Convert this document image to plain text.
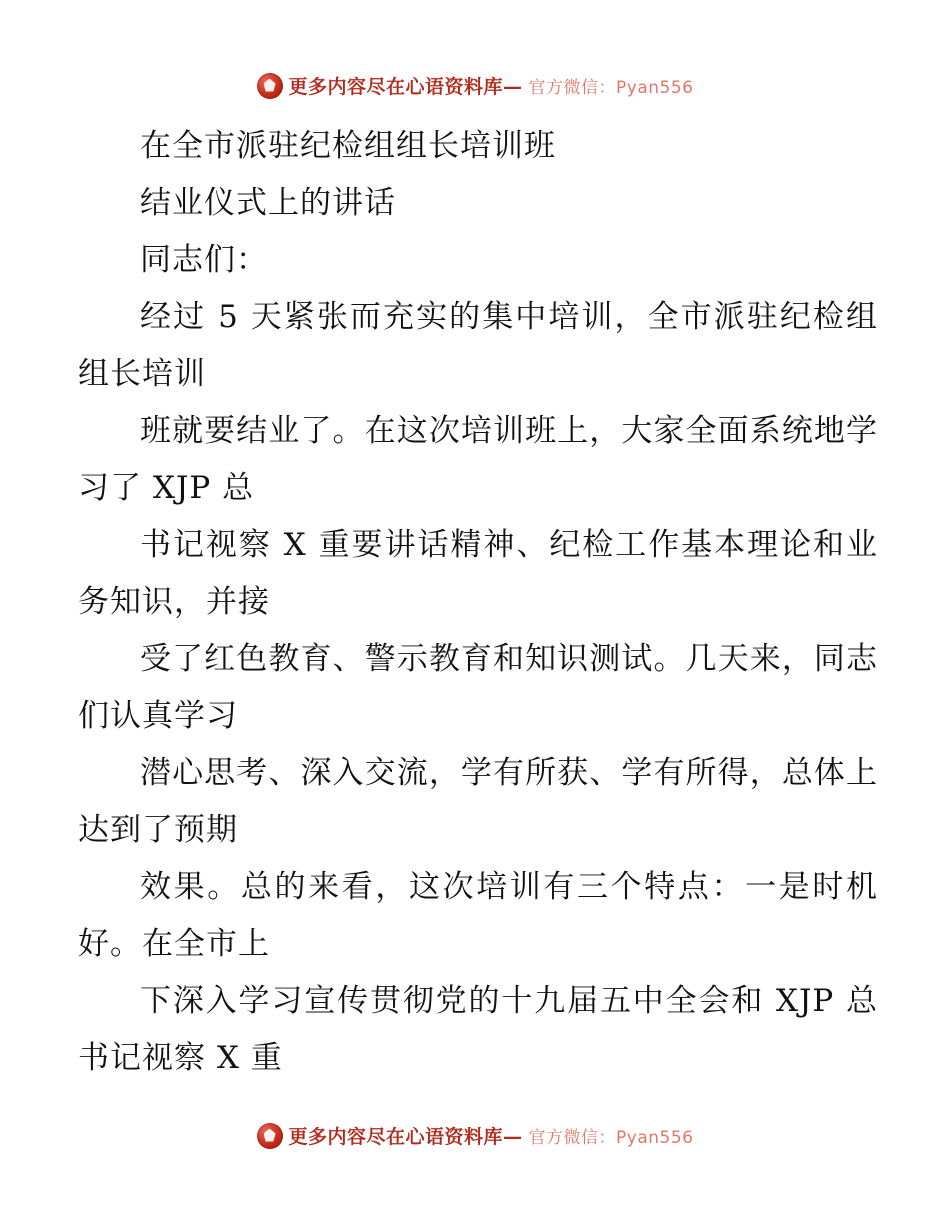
更多内容尽在心语资料库— 官方微信：Pyan556
在全市派驻纪检组组长培训班
结业仪式上的讲话
同志们：
经过 5 天紧张而充实的集中培训，全市派驻纪检组组长培训
班就要结业了。在这次培训班上，大家全面系统地学习了 XJP 总
书记视察 X 重要讲话精神、纪检工作基本理论和业务知识，并接
受了红色教育、警示教育和知识测试。几天来，同志们认真学习
潜心思考、深入交流，学有所获、学有所得，总体上达到了预期
效果。总的来看，这次培训有三个特点：一是时机好。在全市上
下深入学习宣传贯彻党的十九届五中全会和 XJP 总书记视察 X 重
更多内容尽在心语资料库— 官方微信：Pyan556
